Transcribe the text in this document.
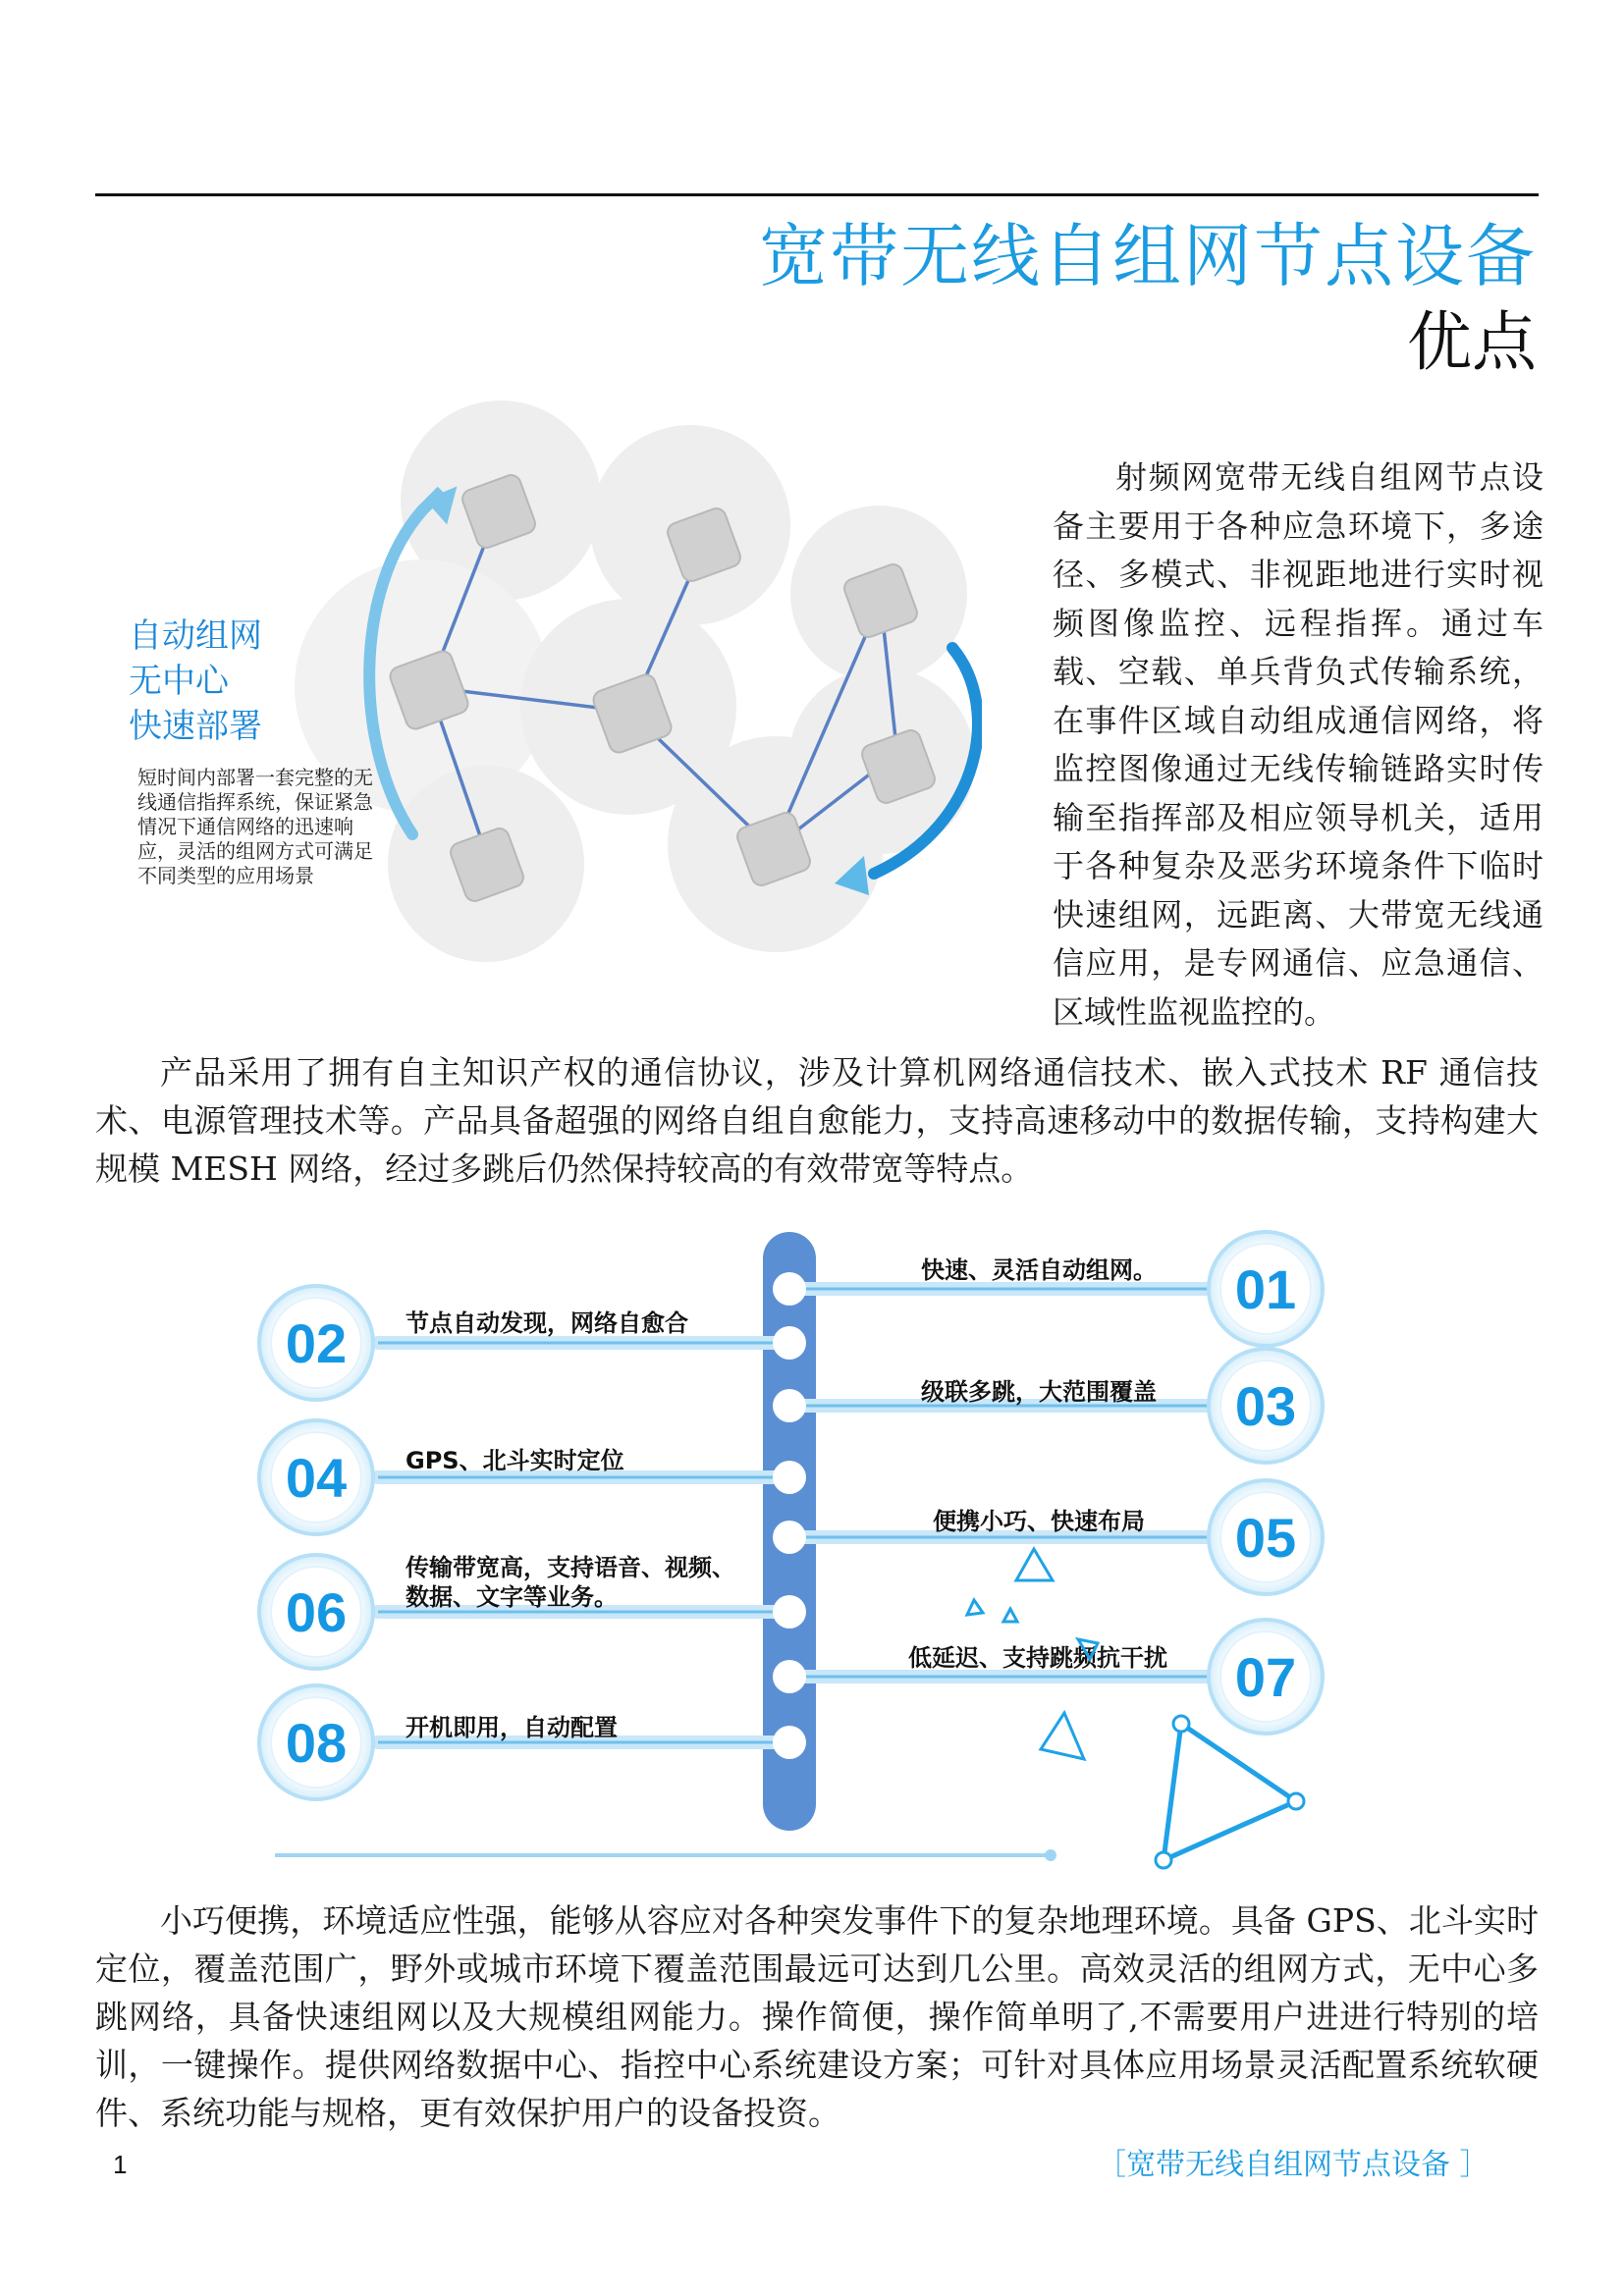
宽带无线自组网节点设备
优点
自动组网
无中心
快速部署
短时间内部署一套完整的无线通信指挥系统，保证紧急情况下通信网络的迅速响应，灵活的组网方式可满足不同类型的应用场景
射频网宽带无线自组网节点设备主要用于各种应急环境下，多途径、多模式、非视距地进行实时视频图像监控、远程指挥。通过车载、空载、单兵背负式传输系统，在事件区域自动组成通信网络，将监控图像通过无线传输链路实时传输至指挥部及相应领导机关，适用于各种复杂及恶劣环境条件下临时快速组网，远距离、大带宽无线通信应用，是专网通信、应急通信、区域性监视监控的。
产品采用了拥有自主知识产权的通信协议，涉及计算机网络通信技术、嵌入式技术 RF 通信技术、电源管理技术等。产品具备超强的网络自组自愈能力，支持高速移动中的数据传输，支持构建大规模 MESH 网络，经过多跳后仍然保持较高的有效带宽等特点。
01
快速、灵活自动组网。
02 节点自动发现，网络自愈合
03
级联多跳，大范围覆盖
04 GPS、北斗实时定位
05
便携小巧、快速布局
06
传输带宽高，支持语音、视频、
数据、文字等业务。
07
低延迟、支持跳频抗干扰
08 开机即用，自动配置
小巧便携，环境适应性强，能够从容应对各种突发事件下的复杂地理环境。具备 GPS、北斗实时定位，覆盖范围广，野外或城市环境下覆盖范围最远可达到几公里。高效灵活的组网方式，无中心多跳网络，具备快速组网以及大规模组网能力。操作简便，操作简单明了,不需要用户进进行特别的培训，一键操作。提供网络数据中心、指控中心系统建设方案；可针对具体应用场景灵活配置系统软硬件、系统功能与规格，更有效保护用户的设备投资。
1	［宽带无线自组网节点设备 ］
